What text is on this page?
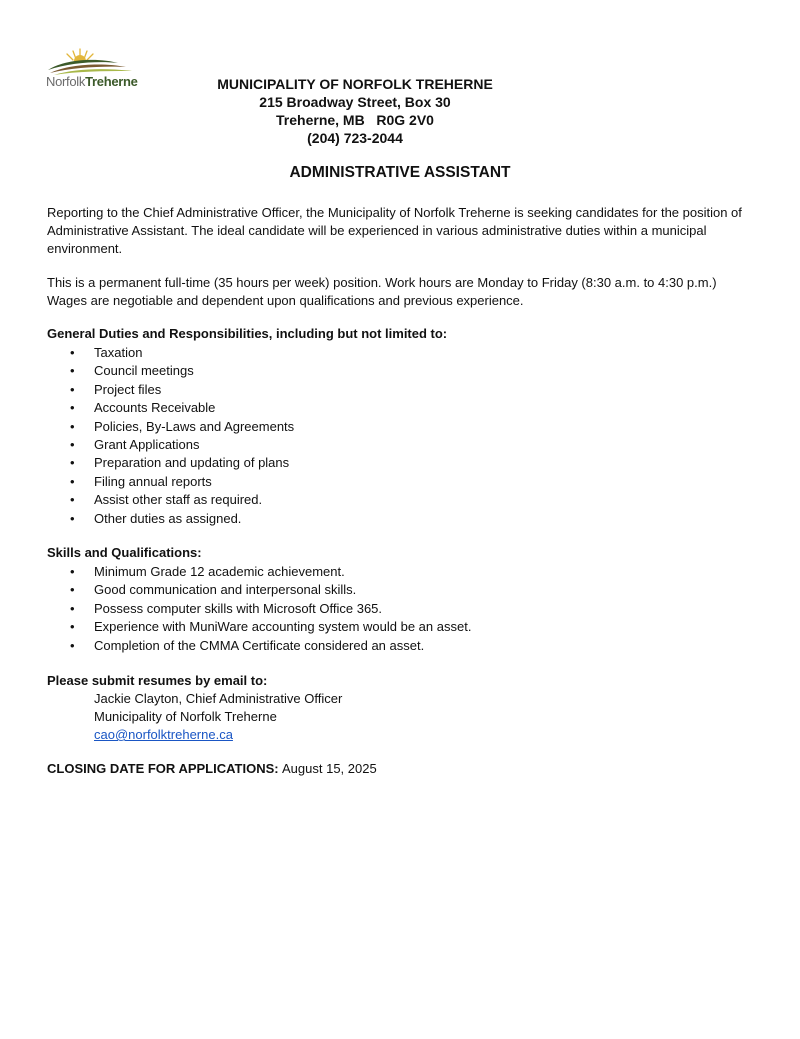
NorfolkTreherne	MUNICIPALITY OF NORFOLK TREHERNE
215 Broadway Street, Box 30
Treherne, MB   R0G 2V0
(204) 723-2044
ADMINISTRATIVE ASSISTANT
Reporting to the Chief Administrative Officer, the Municipality of Norfolk Treherne is seeking candidates for the position of Administrative Assistant. The ideal candidate will be experienced in various administrative duties within a municipal environment.
This is a permanent full-time (35 hours per week) position. Work hours are Monday to Friday (8:30 a.m. to 4:30 p.m.)
Wages are negotiable and dependent upon qualifications and previous experience.
General Duties and Responsibilities, including but not limited to:
• Taxation
• Council meetings
• Project files
• Accounts Receivable
• Policies, By-Laws and Agreements
• Grant Applications
• Preparation and updating of plans
• Filing annual reports
• Assist other staff as required.
• Other duties as assigned.
Skills and Qualifications:
• Minimum Grade 12 academic achievement.
• Good communication and interpersonal skills.
• Possess computer skills with Microsoft Office 365.
• Experience with MuniWare accounting system would be an asset.
• Completion of the CMMA Certificate considered an asset.
Please submit resumes by email to:
Jackie Clayton, Chief Administrative Officer
Municipality of Norfolk Treherne
cao@norfolktreherne.ca
CLOSING DATE FOR APPLICATIONS: August 15, 2025
